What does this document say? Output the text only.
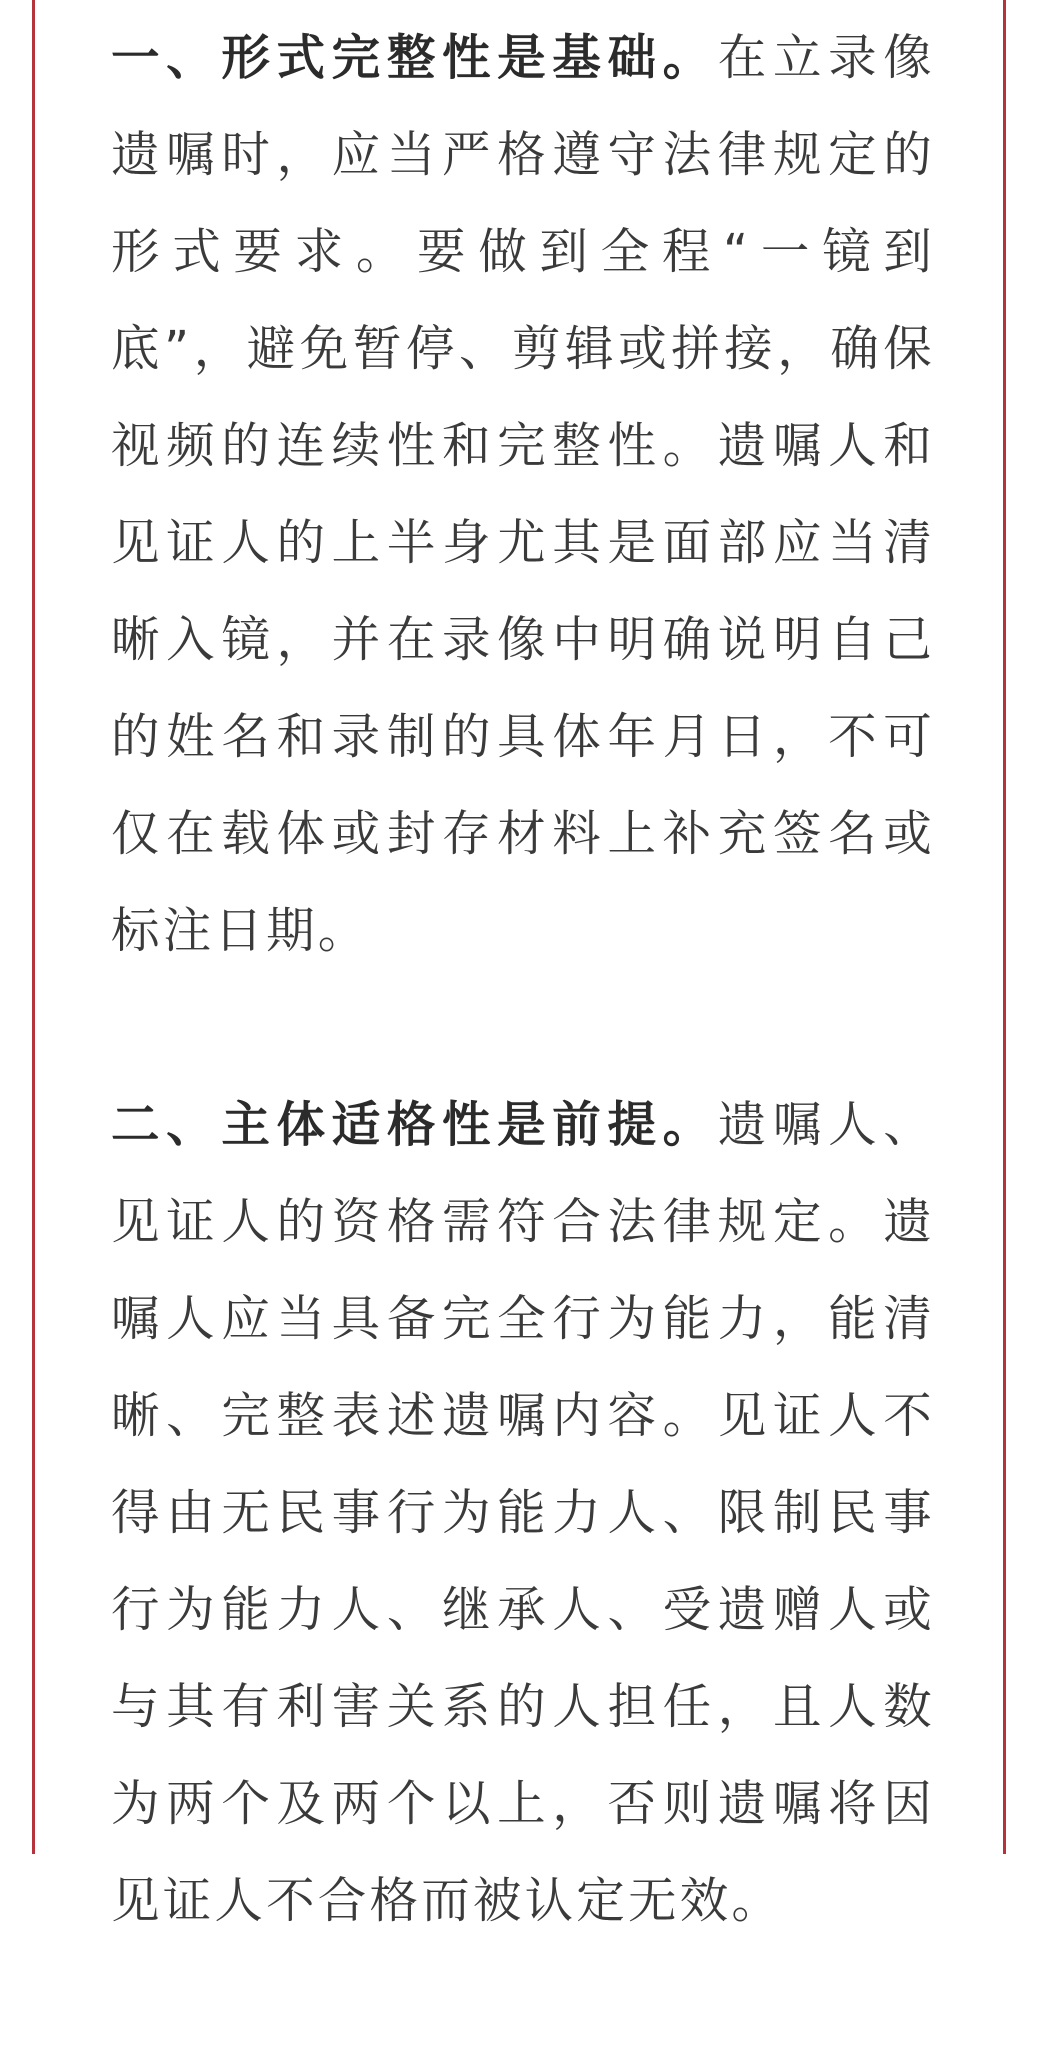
一、形式完整性是基础。在立录像遗嘱时，应当严格遵守法律规定的形式要求。要做到全程“一镜到底”，避免暂停、剪辑或拼接，确保视频的连续性和完整性。遗嘱人和见证人的上半身尤其是面部应当清晰入镜，并在录像中明确说明自己的姓名和录制的具体年月日，不可仅在载体或封存材料上补充签名或标注日期。

二、主体适格性是前提。遗嘱人、见证人的资格需符合法律规定。遗嘱人应当具备完全行为能力，能清晰、完整表述遗嘱内容。见证人不得由无民事行为能力人、限制民事行为能力人、继承人、受遗赠人或与其有利害关系的人担任，且人数为两个及两个以上，否则遗嘱将因见证人不合格而被认定无效。
